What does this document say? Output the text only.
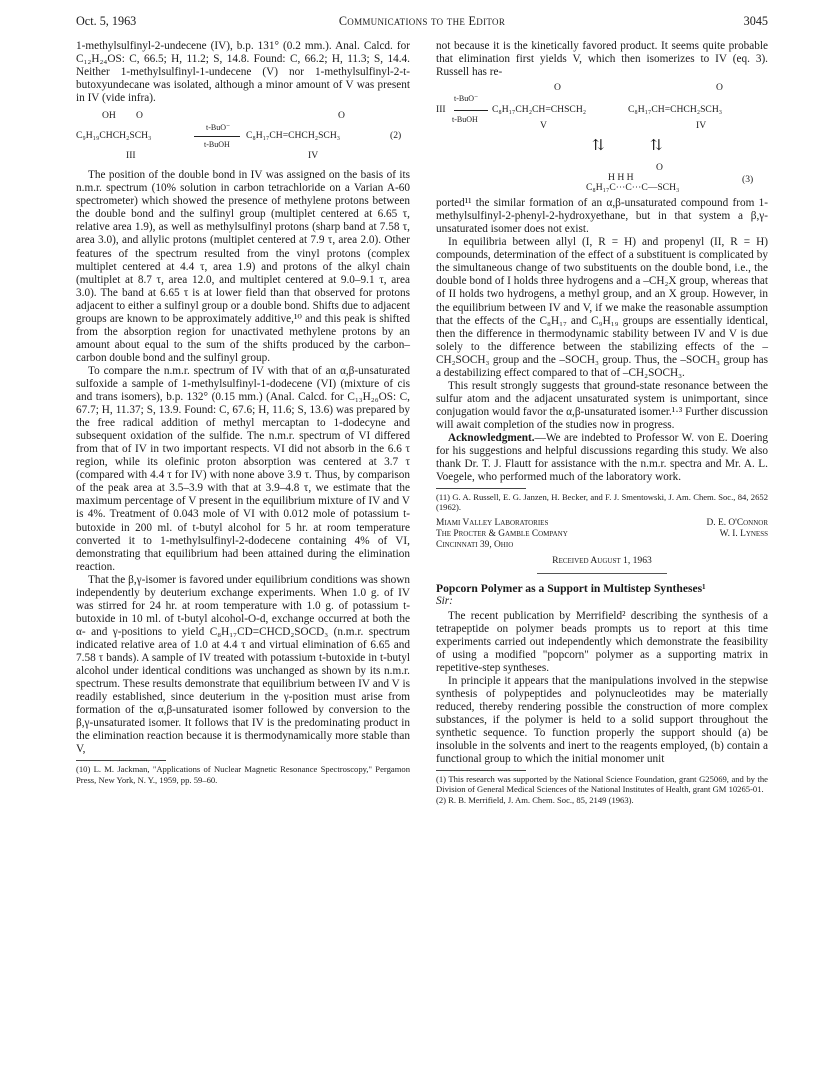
Oct. 5, 1963	Communications to the Editor	3045

1-methylsulfinyl-2-undecene (IV), b.p. 131° (0.2 mm.). Anal. Calcd. for C₁₂H₂₄OS: C, 66.5; H, 11.2; S, 14.8. Found: C, 66.2; H, 11.3; S, 14.4. Neither 1-methylsulfinyl-1-undecene (V) nor 1-methylsulfinyl-2-t-butoxyundecane was isolated, although a minor amount of V was present in IV (vide infra).

OH O	O
C₉H₁₉CHCH₂SCH₃
t-BuO⁻
t-BuOH
C₈H₁₇CH=CHCH₂SCH₃	(2)
III	IV

The position of the double bond in IV was assigned on the basis of its n.m.r. spectrum (10% solution in carbon tetrachloride on a Varian A-60 spectrometer) which showed the presence of methylene protons between the double bond and the sulfinyl group (multiplet centered at 6.65 τ, relative area 1.9), as well as methylsulfinyl protons (sharp band at 7.58 τ, area 3.0), and allylic protons (multiplet centered at 7.9 τ, area 2.0). Other features of the spectrum resulted from the vinyl protons (complex multiplet centered at 4.4 τ, area 1.9) and protons of the alkyl chain (multiplet at 8.7 τ, area 12.0, and multiplet centered at 9.0–9.1 τ, area 3.0). The band at 6.65 τ is at lower field than that observed for protons adjacent to either a sulfinyl group or a double bond. Shifts due to adjacent groups are known to be approximately additive,¹⁰ and this peak is shifted from the absorption region for unactivated methylene protons by an amount about equal to the sum of the shifts produced by the carbon–carbon double bond and the sulfinyl group.

To compare the n.m.r. spectrum of IV with that of an α,β-unsaturated sulfoxide a sample of 1-methylsulfinyl-1-dodecene (VI) (mixture of cis and trans isomers), b.p. 132° (0.15 mm.) (Anal. Calcd. for C₁₃H₂₆OS: C, 67.7; H, 11.37; S, 13.9. Found: C, 67.6; H, 11.6; S, 13.6) was prepared by the free radical addition of methyl mercaptan to 1-dodecyne and subsequent oxidation of the sulfide. The n.m.r. spectrum of VI differed from that of IV in two important respects. VI did not absorb in the 6.6 τ region, while its olefinic proton absorption was centered at 3.7 τ (compared with 4.4 τ for IV) with none above 3.9 τ. Thus, by comparison of the peak area at 3.5–3.9 with that at 3.9–4.8 τ, we estimate that the maximum percentage of V present in the equilibrium mixture of IV and V is 4%. Treatment of 0.043 mole of VI with 0.012 mole of potassium t-butoxide in 200 ml. of t-butyl alcohol for 5 hr. at room temperature converted it to 1-methylsulfinyl-2-dodecene containing 4% of VI, demonstrating that equilibrium had been attained during the elimination reaction.

That the β,γ-isomer is favored under equilibrium conditions was shown independently by deuterium exchange experiments. When 1.0 g. of IV was stirred for 24 hr. at room temperature with 1.0 g. of potassium t-butoxide in 10 ml. of t-butyl alcohol-O-d, exchange occurred at both the α- and γ-positions to yield C₈H₁₇CD=CHCD₂SOCD₃ (n.m.r. spectrum indicated relative area of 1.0 at 4.4 τ and virtual elimination of 6.65 and 7.58 τ bands). A sample of IV treated with potassium t-butoxide in t-butyl alcohol under identical conditions was unchanged as shown by its n.m.r. spectrum. These results demonstrate that equilibrium between IV and V is readily established, since deuterium in the γ-position must arise from formation of the α,β-unsaturated isomer followed by conversion to the β,γ-unsaturated isomer. It follows that IV is the predominating product in the elimination reaction because it is thermodynamically more stable than V,

(10) L. M. Jackman, "Applications of Nuclear Magnetic Resonance Spectroscopy," Pergamon Press, New York, N. Y., 1959, pp. 59–60.

not because it is the kinetically favored product. It seems quite probable that elimination first yields V, which then isomerizes to IV (eq. 3). Russell has re-

O	O
t-BuO⁻
III
t-BuOH
C₈H₁₇CH₂CH=CHSCH₂	C₈H₁₇CH=CHCH₂SCH₃
V	IV
⇅	⇅
O
H H H
C₈H₁₇C⋯C⋯C—SCH₃
(3)

ported¹¹ the similar formation of an α,β-unsaturated compound from 1-methylsulfinyl-2-phenyl-2-hydroxyethane, but in that system a β,γ-unsaturated isomer does not exist.

In equilibria between allyl (I, R = H) and propenyl (II, R = H) compounds, determination of the effect of a substituent is complicated by the simultaneous change of two substituents on the double bond, i.e., the double bond of I holds three hydrogens and a –CH₂X group, whereas that of II holds two hydrogens, a methyl group, and an X group. However, in the equilibrium between IV and V, if we make the reasonable assumption that the effects of the C₈H₁₇ and C₉H₁₉ groups are essentially identical, then the difference in thermodynamic stability between IV and V is due solely to the difference between the stabilizing effects of the –CH₂SOCH₃ group and the –SOCH₃ group. Thus, the –SOCH₃ group has a destabilizing effect compared to that of –CH₂SOCH₃.

This result strongly suggests that ground-state resonance between the sulfur atom and the adjacent unsaturated system is unimportant, since conjugation would favor the α,β-unsaturated isomer.¹·³ Further discussion will await completion of the studies now in progress.

Acknowledgment.—We are indebted to Professor W. von E. Doering for his suggestions and helpful discussions regarding this study. We also thank Dr. T. J. Flautt for assistance with the n.m.r. spectra and Mr. A. L. Voegele, who performed much of the laboratory work.

(11) G. A. Russell, E. G. Janzen, H. Becker, and F. J. Smentowski, J. Am. Chem. Soc., 84, 2652 (1962).

Miami Valley Laboratories
The Procter & Gamble Company
Cincinnati 39, Ohio
D. E. O'Connor
W. I. Lyness
Received August 1, 1963

Popcorn Polymer as a Support in Multistep Syntheses¹

Sir:

The recent publication by Merrifield² describing the synthesis of a tetrapeptide on polymer beads prompts us to report at this time experiments carried out independently which demonstrate the feasibility of using a modified "popcorn" polymer as a supporting matrix in repetitive-step syntheses.

In principle it appears that the manipulations involved in the stepwise synthesis of polypeptides and polynucleotides may be materially reduced, thereby rendering possible the construction of more complex substances, if the polymer is held to a solid support throughout the synthetic sequence. To function properly the support should (a) be insoluble in the solvents and inert to the reagents employed, (b) contain a functional group to which the initial monomer unit

(1) This research was supported by the National Science Foundation, grant G25069, and by the Division of General Medical Sciences of the National Institutes of Health, grant GM 10265-01.

(2) R. B. Merrifield, J. Am. Chem. Soc., 85, 2149 (1963).
